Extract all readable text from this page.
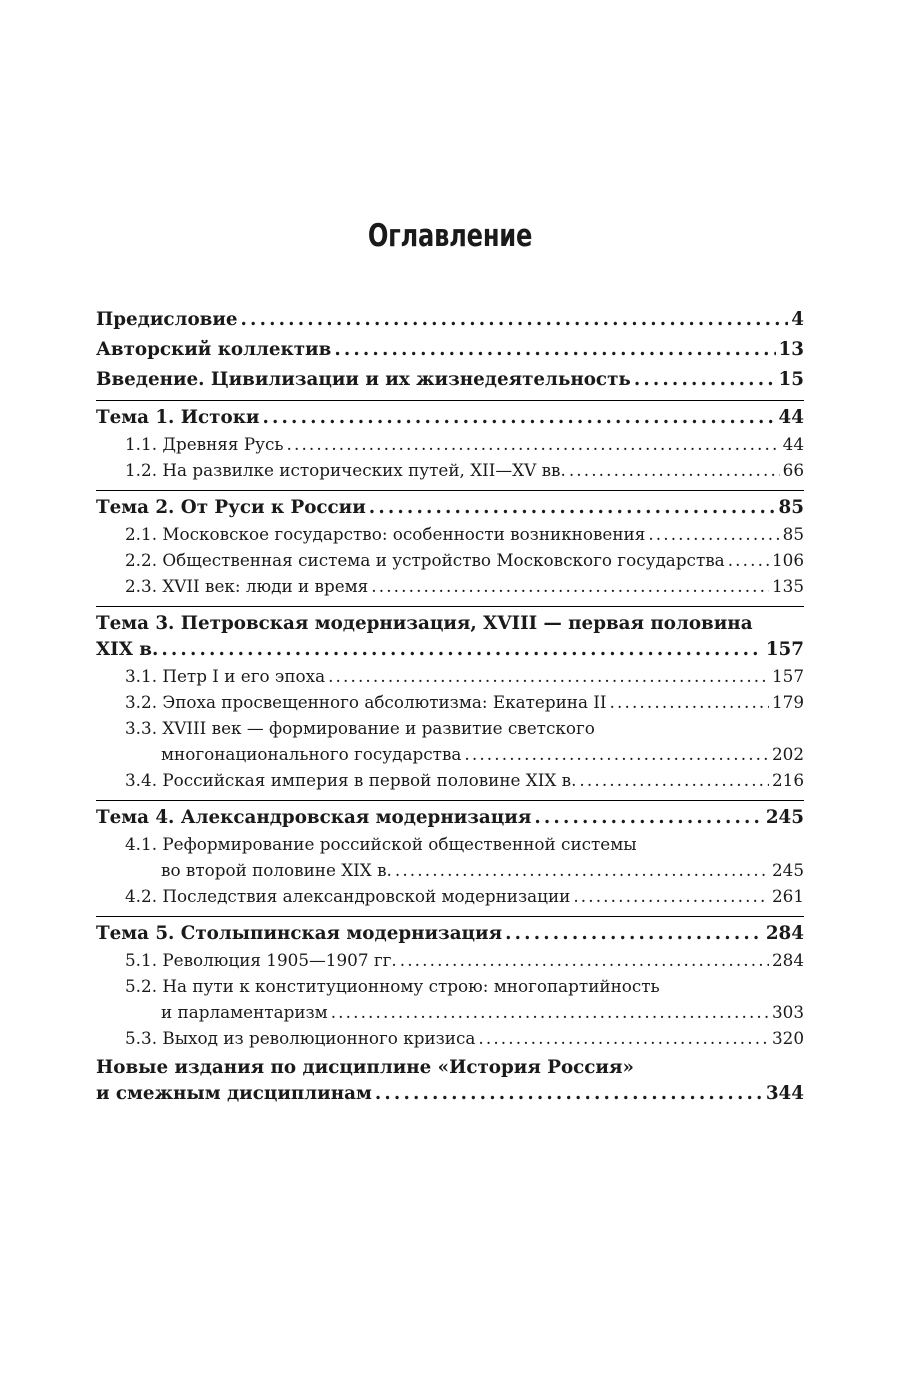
Оглавление
Предисловие . . .	4
Авторский коллектив . . .	13
Введение. Цивилизации и их жизнедеятельность . . .	15
Тема 1. Истоки . . .	44
1.1. Древняя Русь . . .	44
1.2. На развилке исторических путей, XII—XV вв. . . .	66
Тема 2. От Руси к России . . .	85
2.1. Московское государство: особенности возникновения . . .	85
2.2. Общественная система и устройство Московского государства . . .	106
2.3. XVII век: люди и время . . .	135
Тема 3. Петровская модернизация, XVIII — первая половина
XIX в. . . .	157
3.1. Петр I и его эпоха . . .	157
3.2. Эпоха просвещенного абсолютизма: Екатерина II . . .	179
3.3. XVIII век — формирование и развитие светского
многонационального государства . . .	202
3.4. Российская империя в первой половине XIX в. . . .	216
Тема 4. Александровская модернизация . . .	245
4.1. Реформирование российской общественной системы
во второй половине XIX в. . . .	245
4.2. Последствия александровской модернизации . . .	261
Тема 5. Столыпинская модернизация . . .	284
5.1. Революция 1905—1907 гг. . . .	284
5.2. На пути к конституционному строю: многопартийность
и парламентаризм . . .	303
5.3. Выход из революционного кризиса . . .	320
Новые издания по дисциплине «История Россия»
и смежным дисциплинам . . .	344
